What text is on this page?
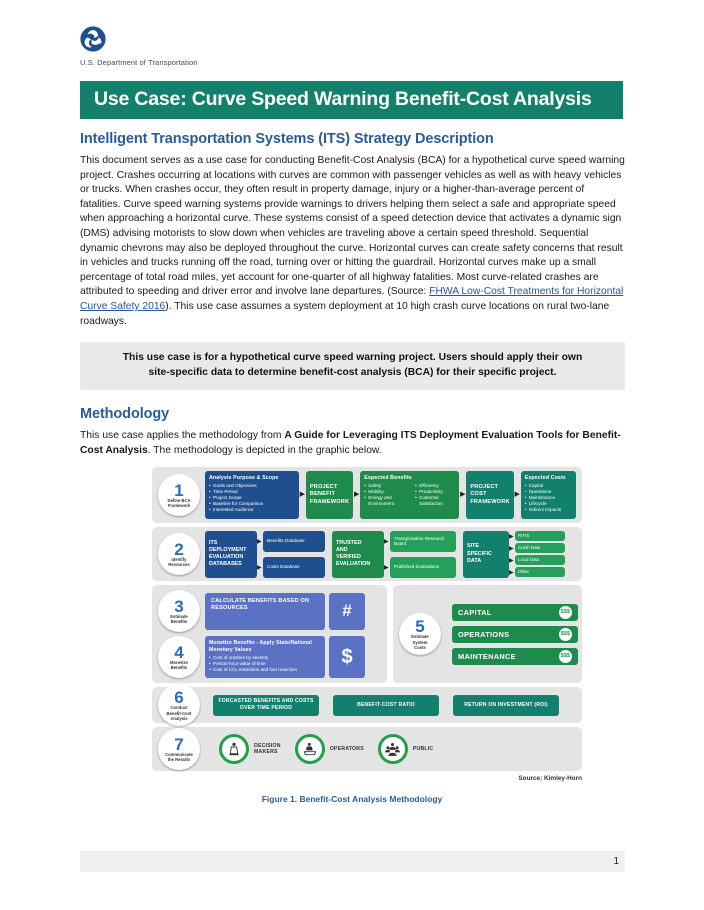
U.S. Department of Transportation
Use Case: Curve Speed Warning Benefit-Cost Analysis
Intelligent Transportation Systems (ITS) Strategy Description

This document serves as a use case for conducting Benefit-Cost Analysis (BCA) for a hypothetical curve speed warning project. Crashes occurring at locations with curves are common with passenger vehicles as well as with heavy vehicles or trucks. When crashes occur, they often result in property damage, injury or a higher-than-average percent of fatalities. Curve speed warning systems provide warnings to drivers helping them select a safe and appropriate speed when approaching a horizontal curve. These systems consist of a speed detection device that activates a dynamic sign (DMS) advising motorists to slow down when vehicles are traveling above a certain speed threshold. Sequential dynamic chevrons may also be deployed throughout the curve. Horizontal curves can create safety concerns that result in vehicles and trucks running off the road, turning over or hitting the guardrail. Horizontal curves make up a small percentage of total road miles, yet account for one-quarter of all highway fatalities. Most curve-related crashes are attributed to speeding and driver error and involve lane departures. (Source: FHWA Low-Cost Treatments for Horizontal Curve Safety 2016). This use case assumes a system deployment at 10 high crash curve locations on rural two-lane roadways.

This use case is for a hypothetical curve speed warning project. Users should apply their own site-specific data to determine benefit-cost analysis (BCA) for their specific project.
Methodology

This use case applies the methodology from A Guide for Leveraging ITS Deployment Evaluation Tools for Benefit-Cost Analysis. The methodology is depicted in the graphic below.

1
Define BCA
Framework
Analysis Purpose & Scope
• Goals and Objectives
• Time Period
• Project Scope
• Baseline for Comparison
• Interested Audience
▶
PROJECT
BENEFIT
FRAMEWORK
▶
Expected Benefits
• Safety
• Mobility
• Energy and Environment
• Efficiency
• Productivity
• Customer Satisfaction
▶
PROJECT
COST
FRAMEWORK
▶
Expected Costs
• Capital
• Operations
• Maintenance
• Lifecycle
• Indirect Impacts
2
Identify
Resources
ITS
DEPLOYMENT
EVALUATION
DATABASES
▶	Benefits Database
▶	Costs Database

TRUSTED
AND
VERIFIED
EVALUATION
▶
Transportation Research Board
▶	Published Evaluations

SITE
SPECIFIC
DATA
▶ RITIS
▶ Crash Data
▶ Local Data
▶ Other
3
Estimate
Benefits
CALCULATE BENEFITS BASED ON RESOURCES	#
4
Monetize
Benefits
Monetize Benefits - Apply State/National Monetary Values
• Cost of crashes by severity
• Person-hour value of time
• Cost of CO₂ emissions and fuel reduction
$
5
Estimate
System
Costs
CAPITAL	$$$
OPERATIONS	$$$
MAINTENANCE	$$$
6
Conduct
Benefit-Cost
Analysis
FORCASTED BENEFITS AND COSTS OVER TIME PERIOD
BENEFIT-COST RATIO	RETURN ON INVESTMENT (ROI)
7
Communicate
the Results
DECISION
MAKERS
OPERATORS	PUBLIC
Source: Kimley-Horn
Figure 1. Benefit-Cost Analysis Methodology
1
